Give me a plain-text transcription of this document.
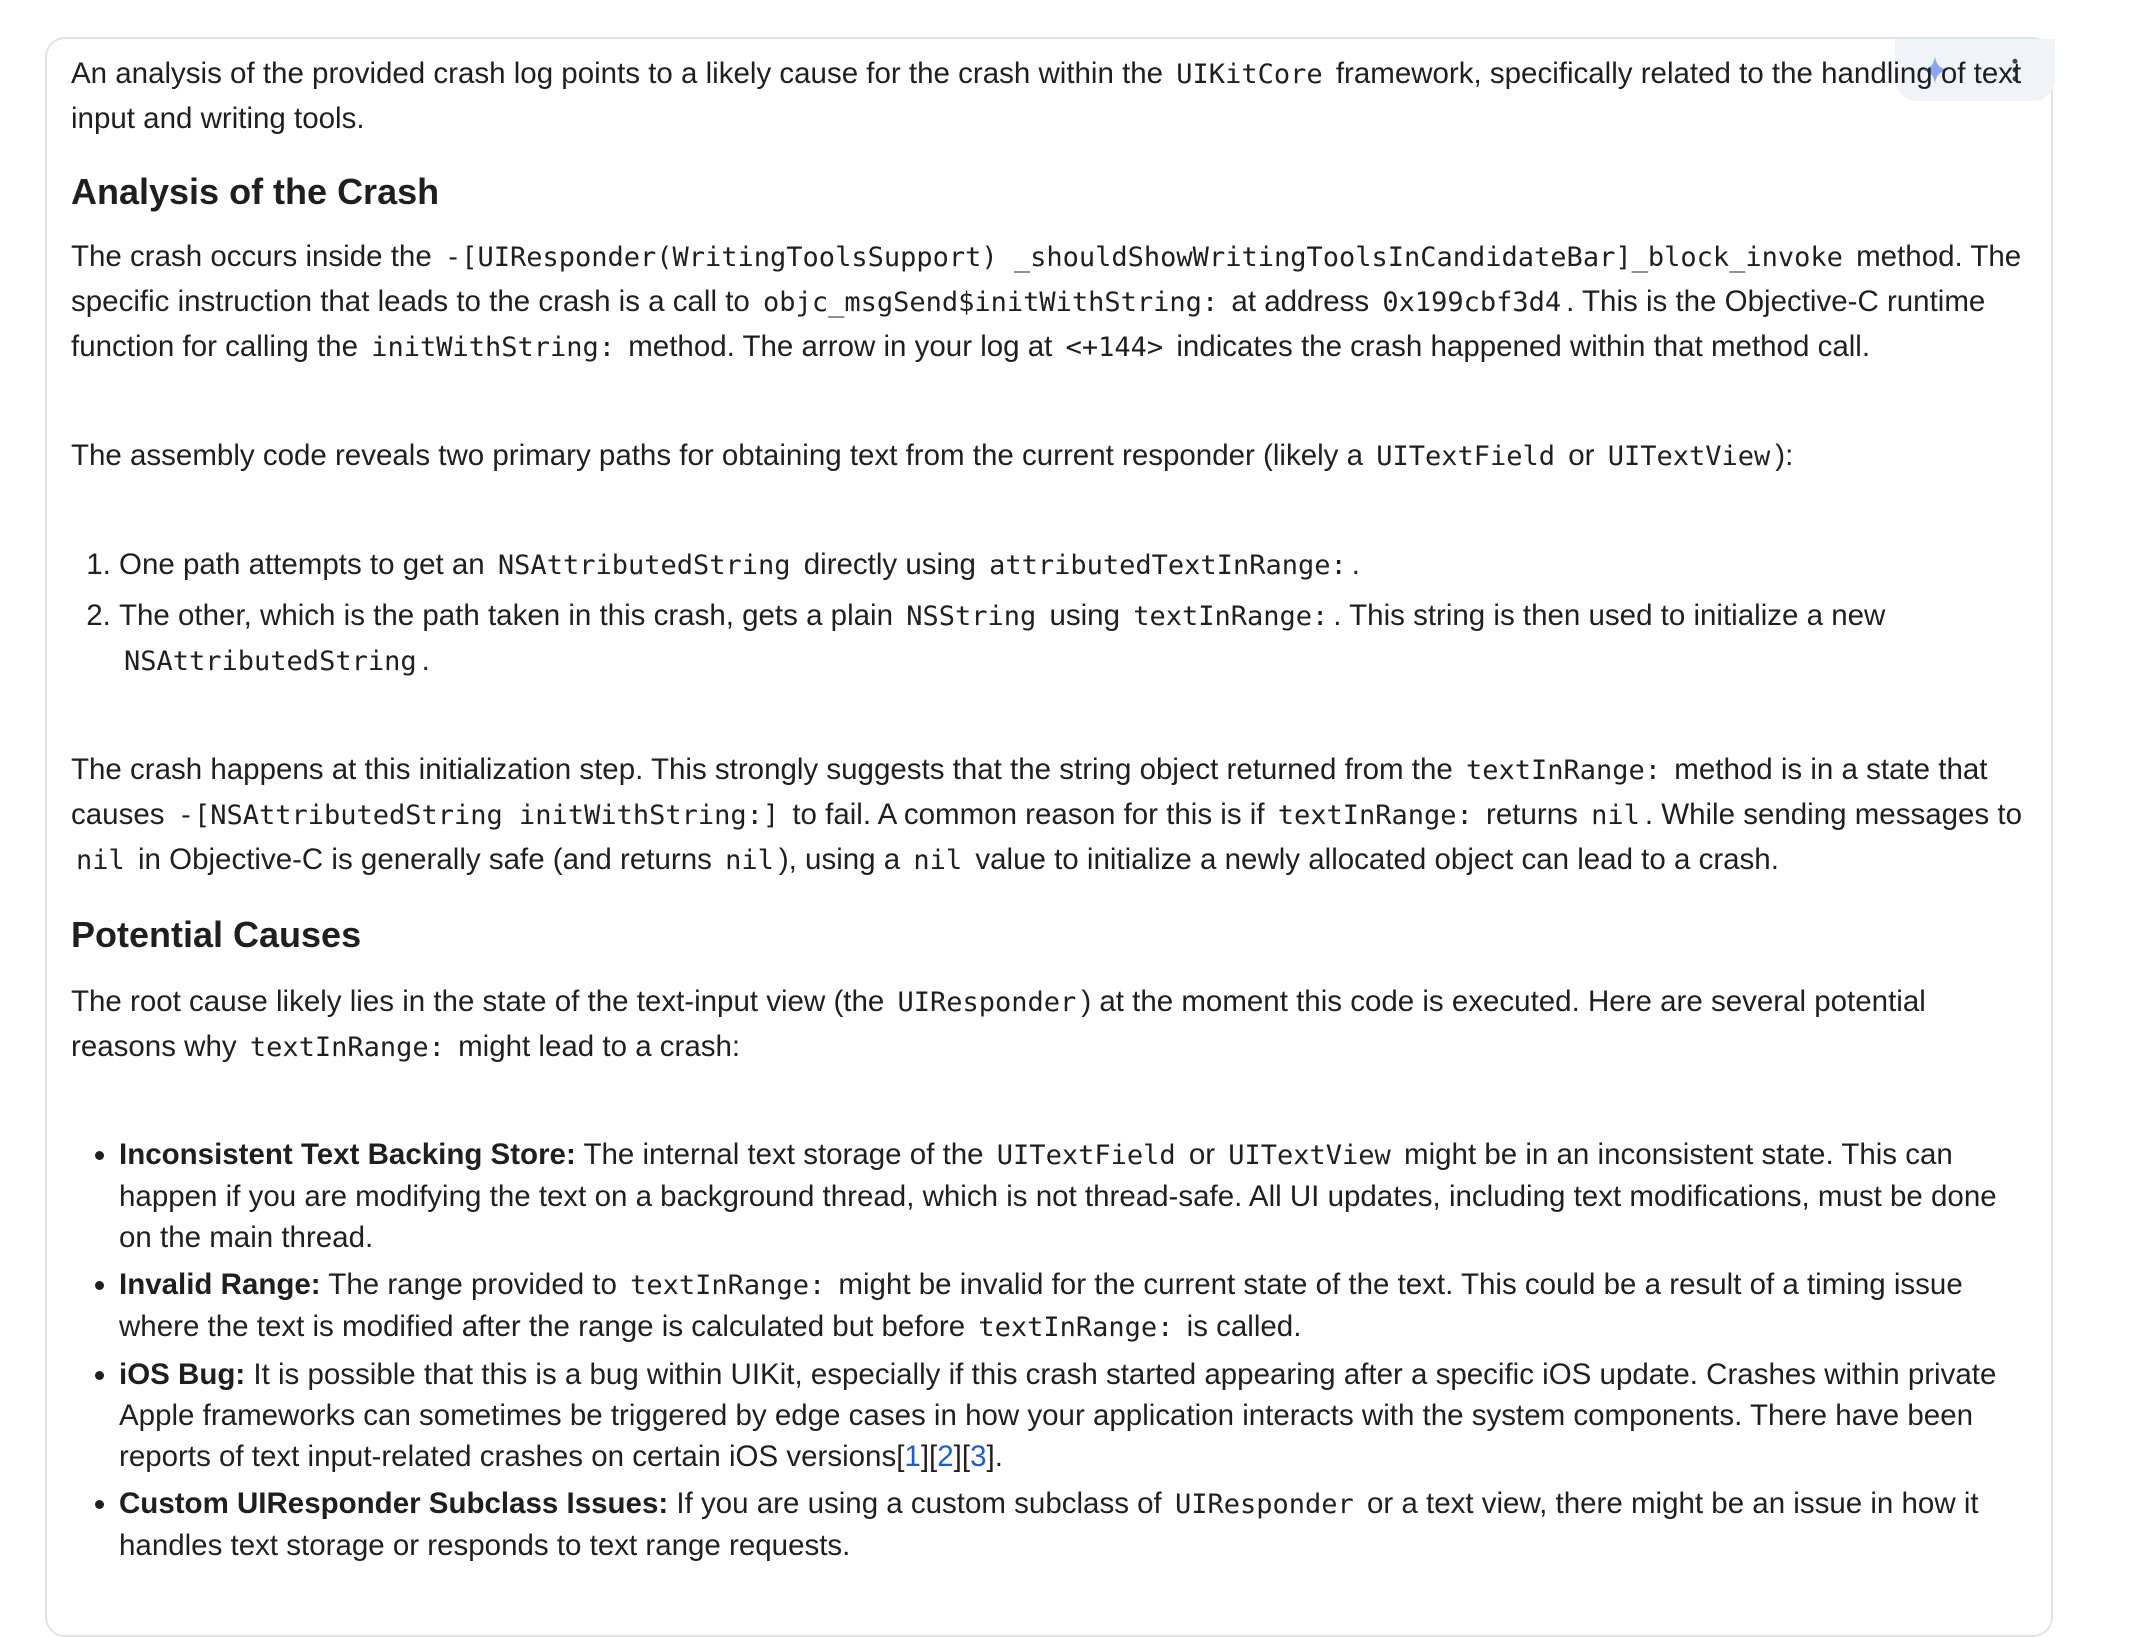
An analysis of the provided crash log points to a likely cause for the crash within the UIKitCore framework, specifically related to the handling of text input and writing tools.

Analysis of the Crash

The crash occurs inside the -[UIResponder(WritingToolsSupport) _shouldShowWritingToolsInCandidateBar]_block_invoke method. The specific instruction that leads to the crash is a call to objc_msgSend$initWithString: at address 0x199cbf3d4 . This is the Objective-C runtime function for calling the initWithString: method. The arrow in your log at <+144> indicates the crash happened within that method call.

The assembly code reveals two primary paths for obtaining text from the current responder (likely a UITextField or UITextView ):

1. One path attempts to get an NSAttributedString directly using attributedTextInRange: .
2. The other, which is the path taken in this crash, gets a plain NSString using textInRange: . This string is then used to initialize a new NSAttributedString .

The crash happens at this initialization step. This strongly suggests that the string object returned from the textInRange: method is in a state that causes -[NSAttributedString initWithString:] to fail. A common reason for this is if textInRange: returns nil . While sending messages to nil in Objective-C is generally safe (and returns nil ), using a nil value to initialize a newly allocated object can lead to a crash.

Potential Causes

The root cause likely lies in the state of the text-input view (the UIResponder ) at the moment this code is executed. Here are several potential reasons why textInRange: might lead to a crash:

• Inconsistent Text Backing Store: The internal text storage of the UITextField or UITextView might be in an inconsistent state. This can happen if you are modifying the text on a background thread, which is not thread-safe. All UI updates, including text modifications, must be done on the main thread.
• Invalid Range: The range provided to textInRange: might be invalid for the current state of the text. This could be a result of a timing issue where the text is modified after the range is calculated but before textInRange: is called.
• iOS Bug: It is possible that this is a bug within UIKit, especially if this crash started appearing after a specific iOS update. Crashes within private Apple frameworks can sometimes be triggered by edge cases in how your application interacts with the system components. There have been reports of text input-related crashes on certain iOS versions[1][2][3].
• Custom UIResponder Subclass Issues: If you are using a custom subclass of UIResponder or a text view, there might be an issue in how it handles text storage or responds to text range requests.
